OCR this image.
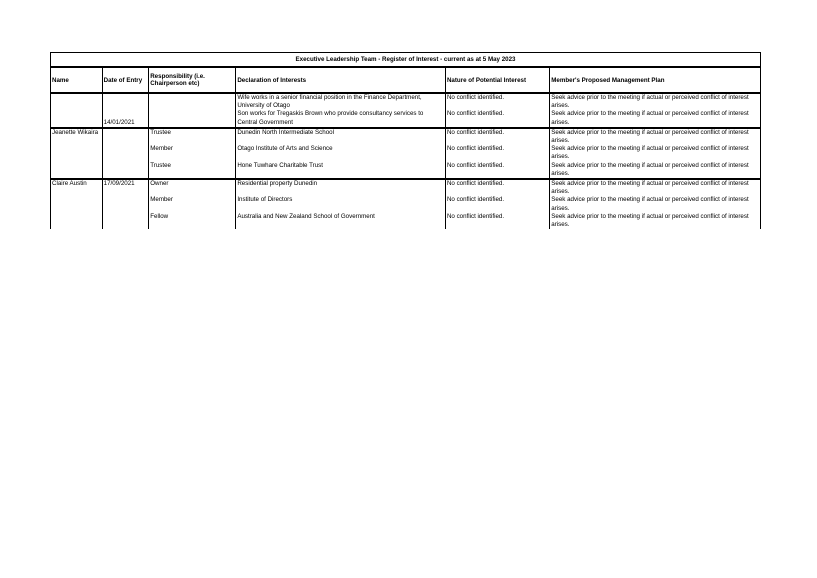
Executive Leadership Team - Register of Interest - current as at 5 May 2023					
Name	Date of Entry	Responsibility (i.e. Chairperson etc)	Declaration of Interests	Nature of Potential Interest	Member's Proposed Management Plan
			Wife works in a senior financial position in the Finance Department, University of Otago	No conflict identified.	Seek advice prior to the meeting if actual or perceived conflict of interest arises.
	14/01/2021		Son works for Tregaskis Brown who provide consultancy services to Central Government	No conflict identified.	Seek advice prior to the meeting if actual or perceived conflict of interest arises.
Jeanette Wikaira		Trustee	Dunedin North Intermediate School	No conflict identified.	Seek advice prior to the meeting if actual or perceived conflict of interest arises.
		Member	Otago Institute of Arts and Science	No conflict identified.	Seek advice prior to the meeting if actual or perceived conflict of interest arises.
		Trustee	Hone Tuwhare Charitable Trust	No conflict identified.	Seek advice prior to the meeting if actual or perceived conflict of interest arises.
Claire Austin	17/09/2021	Owner	Residential property Dunedin	No conflict identified.	Seek advice prior to the meeting if actual or perceived conflict of interest arises.
		Member	Institute of Directors	No conflict identified.	Seek advice prior to the meeting if actual or perceived conflict of interest arises.
		Fellow	Australia and New Zealand School of Government	No conflict identified.	Seek advice prior to the meeting if actual or perceived conflict of interest arises.
